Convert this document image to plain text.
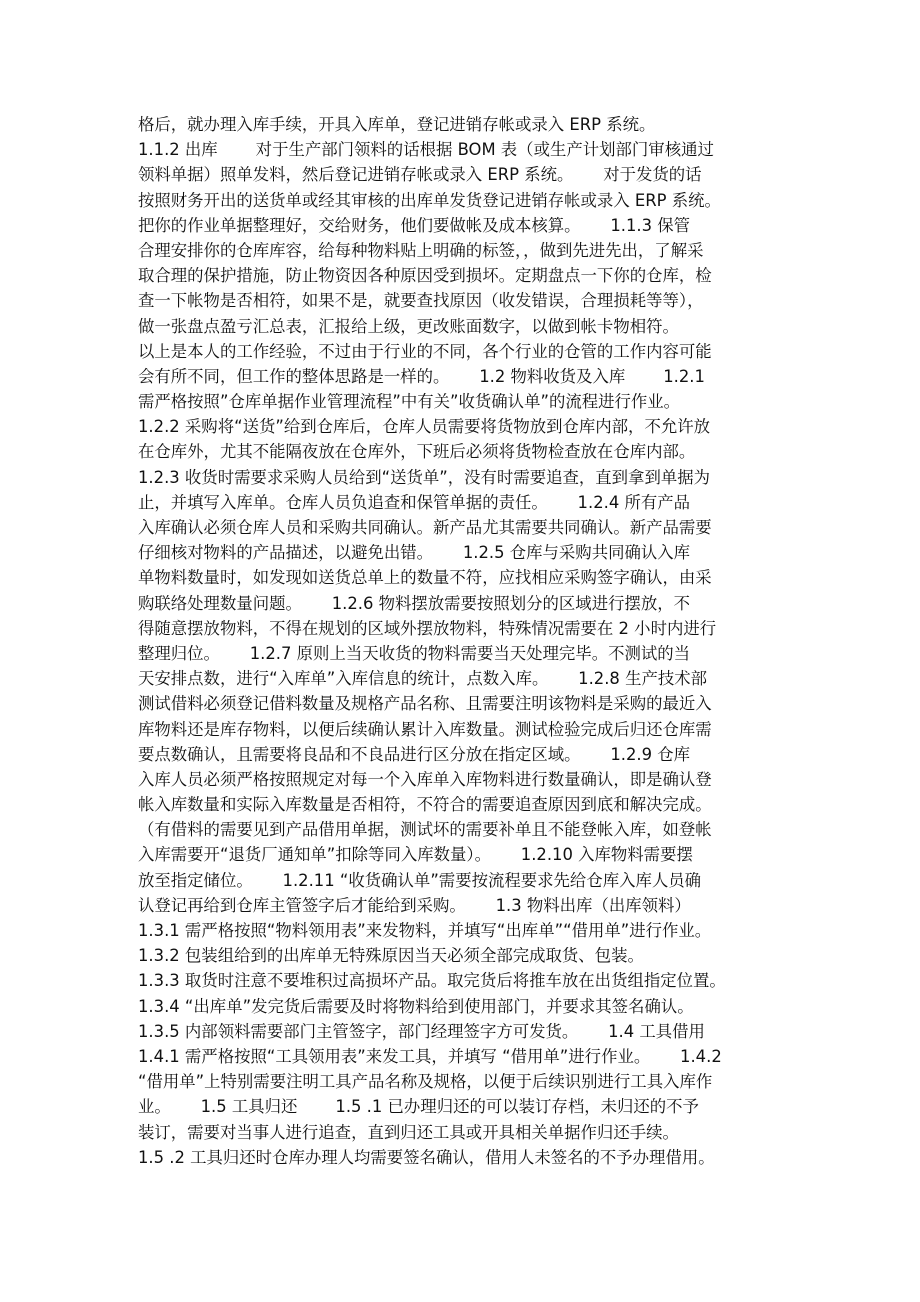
格后，就办理入库手续，开具入库单，登记进销存帐或录入 ERP 系统。
1.1.2 出库　　 对于生产部门领料的话根据 BOM 表（或生产计划部门审核通过
领料单据）照单发料，然后登记进销存帐或录入 ERP 系统。　　 对于发货的话
按照财务开出的送货单或经其审核的出库单发货登记进销存帐或录入 ERP 系统。
把你的作业单据整理好，交给财务，他们要做帐及成本核算。　　 1.1.3 保管
合理安排你的仓库库容，给每种物料贴上明确的标签，，做到先进先出，了解采
取合理的保护措施，防止物资因各种原因受到损坏。定期盘点一下你的仓库，检
查一下帐物是否相符，如果不是，就要查找原因（收发错误，合理损耗等等），
做一张盘点盈亏汇总表，汇报给上级，更改账面数字，以做到帐卡物相符。
以上是本人的工作经验，不过由于行业的不同，各个行业的仓管的工作内容可能
会有所不同，但工作的整体思路是一样的。　　 1.2 物料收货及入库　　 1.2.1
需严格按照”仓库单据作业管理流程”中有关”收货确认单”的流程进行作业。
1.2.2 采购将“送货”给到仓库后，仓库人员需要将货物放到仓库内部，不允许放
在仓库外，尤其不能隔夜放在仓库外，下班后必须将货物检查放在仓库内部。
1.2.3 收货时需要求采购人员给到“送货单”，没有时需要追查，直到拿到单据为
止，并填写入库单。仓库人员负追查和保管单据的责任。　　 1.2.4 所有产品
入库确认必须仓库人员和采购共同确认。新产品尤其需要共同确认。新产品需要
仔细核对物料的产品描述，以避免出错。　　 1.2.5 仓库与采购共同确认入库
单物料数量时，如发现如送货总单上的数量不符，应找相应采购签字确认，由采
购联络处理数量问题。　　 1.2.6 物料摆放需要按照划分的区域进行摆放，不
得随意摆放物料，不得在规划的区域外摆放物料，特殊情况需要在 2 小时内进行
整理归位。　　 1.2.7 原则上当天收货的物料需要当天处理完毕。不测试的当
天安排点数，进行“入库单”入库信息的统计，点数入库。　　 1.2.8 生产技术部
测试借料必须登记借料数量及规格产品名称、且需要注明该物料是采购的最近入
库物料还是库存物料，以便后续确认累计入库数量。测试检验完成后归还仓库需
要点数确认，且需要将良品和不良品进行区分放在指定区域。　　 1.2.9 仓库
入库人员必须严格按照规定对每一个入库单入库物料进行数量确认，即是确认登
帐入库数量和实际入库数量是否相符，不符合的需要追查原因到底和解决完成。
（有借料的需要见到产品借用单据，测试坏的需要补单且不能登帐入库，如登帐
入库需要开“退货厂通知单”扣除等同入库数量）。　　 1.2.10 入库物料需要摆
放至指定储位。　　 1.2.11 “收货确认单”需要按流程要求先给仓库入库人员确
认登记再给到仓库主管签字后才能给到采购。　　 1.3 物料出库（出库领料）
1.3.1 需严格按照“物料领用表”来发物料，并填写“出库单”“借用单”进行作业。
1.3.2 包装组给到的出库单无特殊原因当天必须全部完成取货、包装。
1.3.3 取货时注意不要堆积过高损坏产品。取完货后将推车放在出货组指定位置。
1.3.4 “出库单”发完货后需要及时将物料给到使用部门，并要求其签名确认。
1.3.5 内部领料需要部门主管签字，部门经理签字方可发货。　　 1.4 工具借用
1.4.1 需严格按照“工具领用表”来发工具，并填写 “借用单”进行作业。　　 1.4.2
“借用单”上特别需要注明工具产品名称及规格，以便于后续识别进行工具入库作
业。　　 1.5 工具归还　　 1.5 .1 已办理归还的可以装订存档，未归还的不予
装订，需要对当事人进行追查，直到归还工具或开具相关单据作归还手续。
1.5 .2 工具归还时仓库办理人均需要签名确认，借用人未签名的不予办理借用。
